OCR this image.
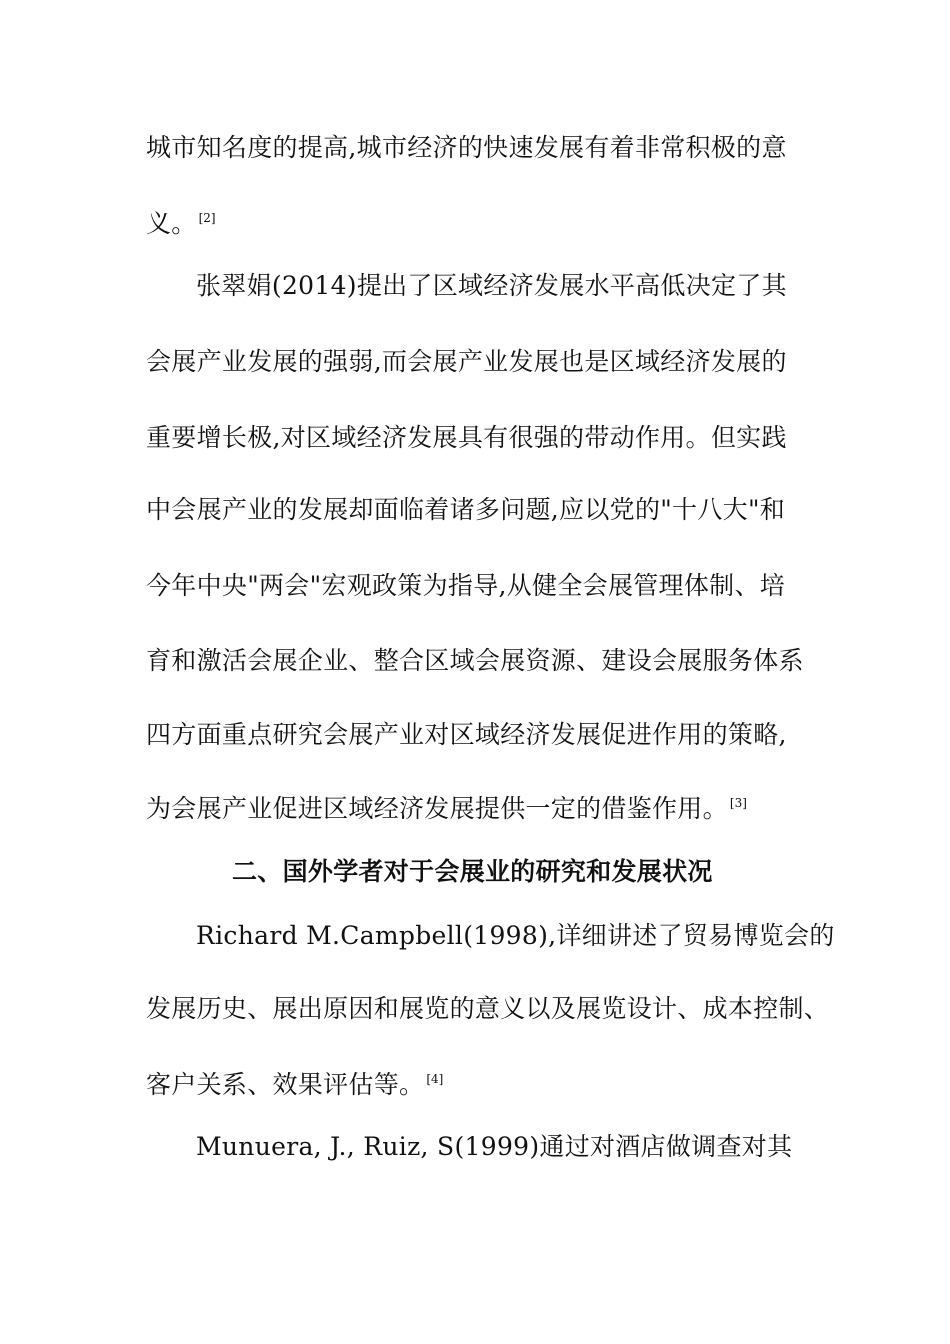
城市知名度的提高,城市经济的快速发展有着非常积极的意
义。 [2]
张翠娟(2014)提出了区域经济发展水平高低决定了其
会展产业发展的强弱,而会展产业发展也是区域经济发展的
重要增长极,对区域经济发展具有很强的带动作用。但实践
中会展产业的发展却面临着诸多问题,应以党的"十八大"和
今年中央"两会"宏观政策为指导,从健全会展管理体制、培
育和激活会展企业、整合区域会展资源、建设会展服务体系
四方面重点研究会展产业对区域经济发展促进作用的策略,
为会展产业促进区域经济发展提供一定的借鉴作用。 [3]
二、国外学者对于会展业的研究和发展状况
Richard M.Campbell(1998),详细讲述了贸易博览会的
发展历史、展出原因和展览的意义以及展览设计、成本控制、
客户关系、效果评估等。 [4]
Munuera, J., Ruiz, S(1999)通过对酒店做调查对其
